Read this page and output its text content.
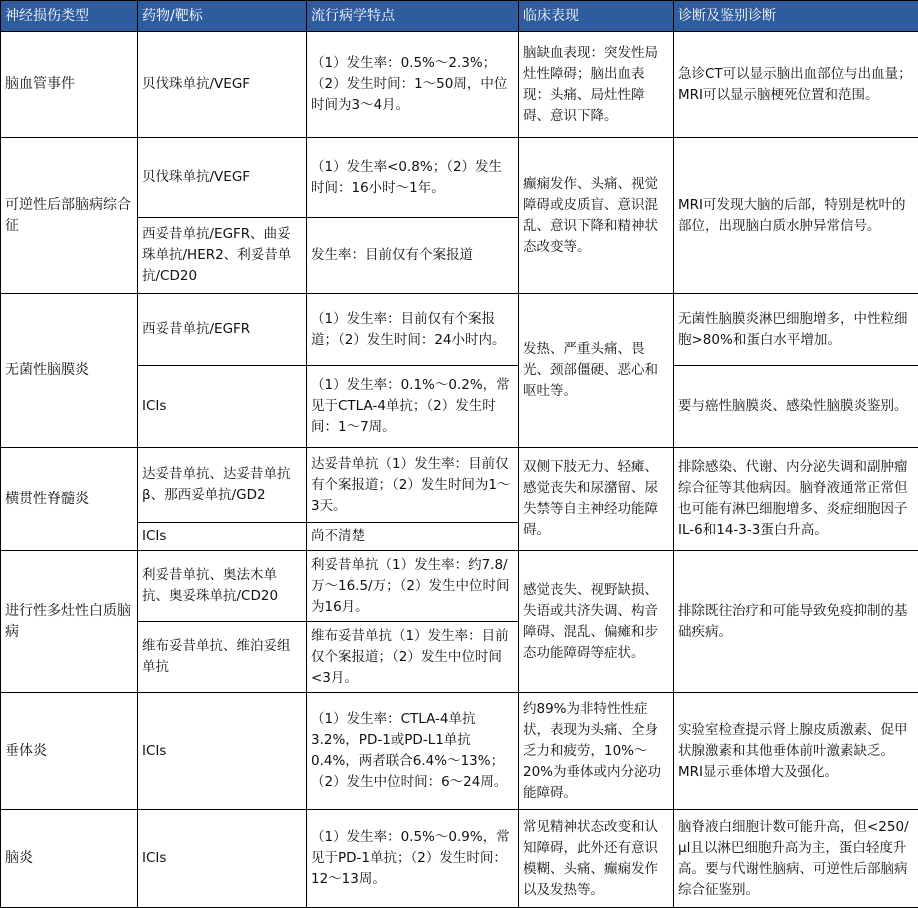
神经损伤类型	药物/靶标	流行病学特点	临床表现	诊断及鉴别诊断
脑血管事件	贝伐珠单抗/VEGF	（1）发生率：0.5%～2.3%；（2）发生时间：1～50周，中位时间为3～4月。	脑缺血表现：突发性局灶性障碍；脑出血表现：头痛、局灶性障碍、意识下降。	急诊CT可以显示脑出血部位与出血量；MRI可以显示脑梗死位置和范围。
可逆性后部脑病综合征	贝伐珠单抗/VEGF	（1）发生率<0.8%；（2）发生时间：16小时～1年。	癫痫发作、头痛、视觉障碍或皮质盲、意识混乱、意识下降和精神状态改变等。	MRI可发现大脑的后部，特别是枕叶的部位，出现脑白质水肿异常信号。
	西妥昔单抗/EGFR、曲妥珠单抗/HER2、利妥昔单抗/CD20	发生率：目前仅有个案报道		
无菌性脑膜炎	西妥昔单抗/EGFR	（1）发生率：目前仅有个案报道；（2）发生时间：24小时内。	发热、严重头痛、畏光、颈部僵硬、恶心和呕吐等。	无菌性脑膜炎淋巴细胞增多，中性粒细胞>80%和蛋白水平增加。
	ICIs	（1）发生率：0.1%～0.2%，常见于CTLA-4单抗；（2）发生时间：1～7周。		要与癌性脑膜炎、感染性脑膜炎鉴别。
横贯性脊髓炎	达妥昔单抗、达妥昔单抗β、那西妥单抗/GD2	达妥昔单抗（1）发生率：目前仅有个案报道；（2）发生时间为1～3天。	双侧下肢无力、轻瘫、感觉丧失和尿潴留、尿失禁等自主神经功能障碍。	排除感染、代谢、内分泌失调和副肿瘤综合征等其他病因。脑脊液通常正常但也可能有淋巴细胞增多、炎症细胞因子IL-6和14-3-3蛋白升高。
	ICIs	尚不清楚		
进行性多灶性白质脑病	利妥昔单抗、奥法木单抗、奥妥珠单抗/CD20	利妥昔单抗（1）发生率：约7.8/万～16.5/万；（2）发生中位时间为16月。	感觉丧失、视野缺损、失语或共济失调、构音障碍、混乱、偏瘫和步态功能障碍等症状。	排除既往治疗和可能导致免疫抑制的基础疾病。
	维布妥昔单抗、维泊妥组单抗	维布妥昔单抗（1）发生率：目前仅个案报道；（2）发生中位时间<3月。		
垂体炎	ICIs	（1）发生率：CTLA-4单抗3.2%，PD-1或PD-L1单抗0.4%，两者联合6.4%～13%；（2）发生中位时间：6～24周。	约89%为非特性性症状，表现为头痛、全身乏力和疲劳，10%～20%为垂体或内分泌功能障碍。	实验室检查提示肾上腺皮质激素、促甲状腺激素和其他垂体前叶激素缺乏。MRI显示垂体增大及强化。
脑炎	ICIs	（1）发生率：0.5%～0.9%，常见于PD-1单抗；（2）发生时间：12～13周。	常见精神状态改变和认知障碍，此外还有意识模糊、头痛、癫痫发作以及发热等。	脑脊液白细胞计数可能升高，但<250/μl且以淋巴细胞升高为主，蛋白轻度升高。要与代谢性脑病、可逆性后部脑病综合征鉴别。
